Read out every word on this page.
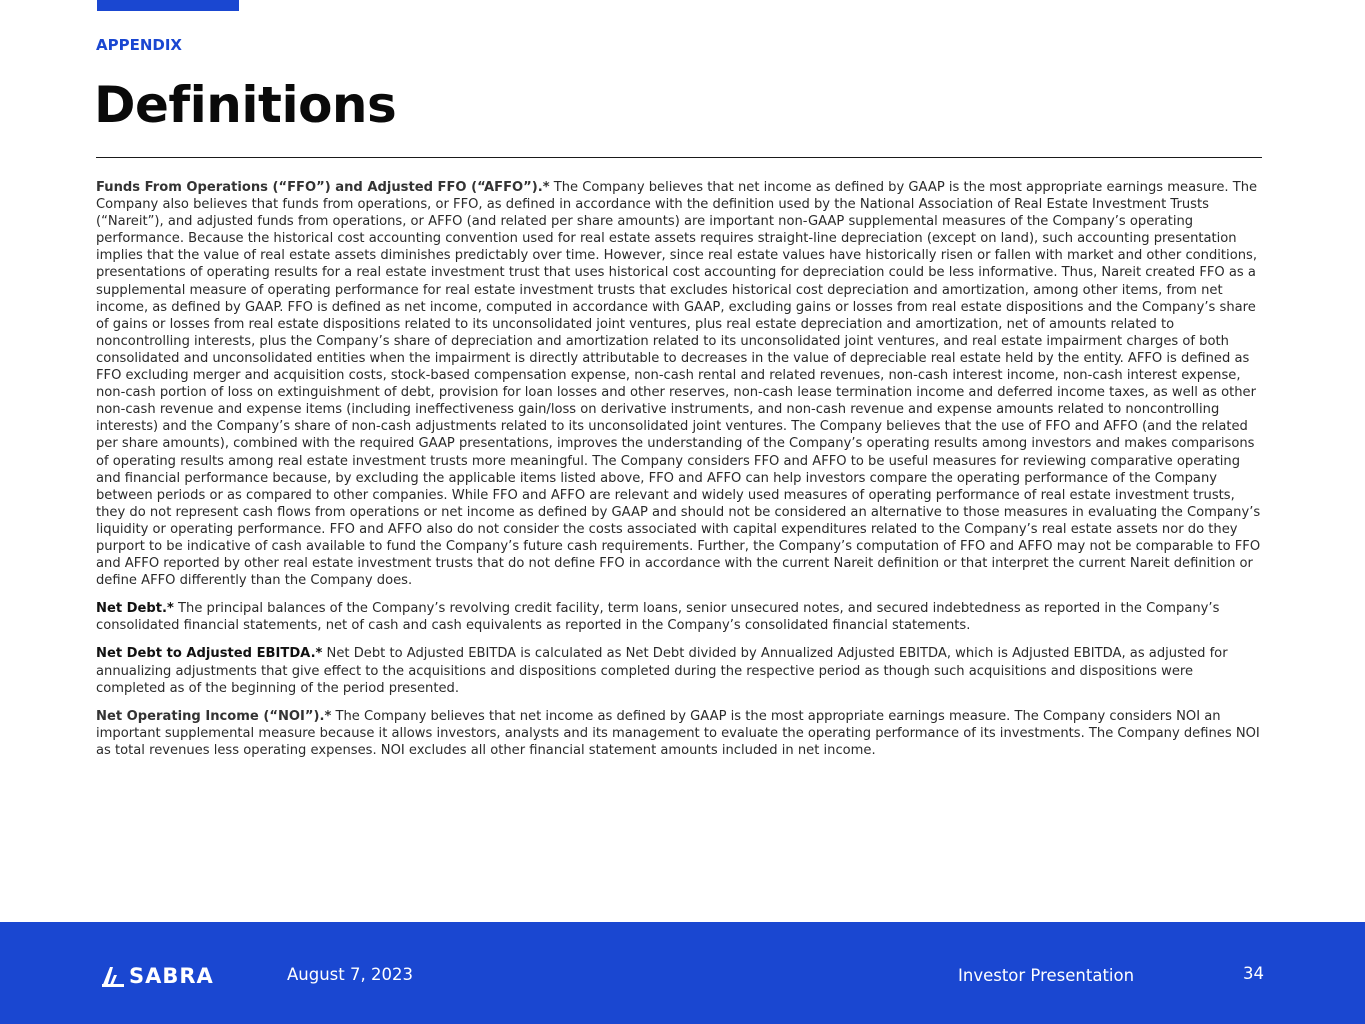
APPENDIX
Definitions

Funds From Operations (“FFO”) and Adjusted FFO (“AFFO”).* The Company believes that net income as defined by GAAP is the most appropriate earnings measure. The Company also believes that funds from operations, or FFO, as defined in accordance with the definition used by the National Association of Real Estate Investment Trusts (“Nareit”), and adjusted funds from operations, or AFFO (and related per share amounts) are important non-GAAP supplemental measures of the Company’s operating performance. Because the historical cost accounting convention used for real estate assets requires straight-line depreciation (except on land), such accounting presentation implies that the value of real estate assets diminishes predictably over time. However, since real estate values have historically risen or fallen with market and other conditions, presentations of operating results for a real estate investment trust that uses historical cost accounting for depreciation could be less informative. Thus, Nareit created FFO as a supplemental measure of operating performance for real estate investment trusts that excludes historical cost depreciation and amortization, among other items, from net income, as defined by GAAP. FFO is defined as net income, computed in accordance with GAAP, excluding gains or losses from real estate dispositions and the Company’s share of gains or losses from real estate dispositions related to its unconsolidated joint ventures, plus real estate depreciation and amortization, net of amounts related to noncontrolling interests, plus the Company’s share of depreciation and amortization related to its unconsolidated joint ventures, and real estate impairment charges of both consolidated and unconsolidated entities when the impairment is directly attributable to decreases in the value of depreciable real estate held by the entity. AFFO is defined as FFO excluding merger and acquisition costs, stock-based compensation expense, non-cash rental and related revenues, non-cash interest income, non-cash interest expense, non-cash portion of loss on extinguishment of debt, provision for loan losses and other reserves, non-cash lease termination income and deferred income taxes, as well as other non-cash revenue and expense items (including ineffectiveness gain/loss on derivative instruments, and non-cash revenue and expense amounts related to noncontrolling interests) and the Company’s share of non-cash adjustments related to its unconsolidated joint ventures. The Company believes that the use of FFO and AFFO (and the related per share amounts), combined with the required GAAP presentations, improves the understanding of the Company’s operating results among investors and makes comparisons of operating results among real estate investment trusts more meaningful. The Company considers FFO and AFFO to be useful measures for reviewing comparative operating and financial performance because, by excluding the applicable items listed above, FFO and AFFO can help investors compare the operating performance of the Company between periods or as compared to other companies. While FFO and AFFO are relevant and widely used measures of operating performance of real estate investment trusts, they do not represent cash flows from operations or net income as defined by GAAP and should not be considered an alternative to those measures in evaluating the Company’s liquidity or operating performance. FFO and AFFO also do not consider the costs associated with capital expenditures related to the Company’s real estate assets nor do they purport to be indicative of cash available to fund the Company’s future cash requirements. Further, the Company’s computation of FFO and AFFO may not be comparable to FFO and AFFO reported by other real estate investment trusts that do not define FFO in accordance with the current Nareit definition or that interpret the current Nareit definition or define AFFO differently than the Company does.

Net Debt.* The principal balances of the Company’s revolving credit facility, term loans, senior unsecured notes, and secured indebtedness as reported in the Company’s consolidated financial statements, net of cash and cash equivalents as reported in the Company’s consolidated financial statements.

Net Debt to Adjusted EBITDA.* Net Debt to Adjusted EBITDA is calculated as Net Debt divided by Annualized Adjusted EBITDA, which is Adjusted EBITDA, as adjusted for annualizing adjustments that give effect to the acquisitions and dispositions completed during the respective period as though such acquisitions and dispositions were completed as of the beginning of the period presented.

Net Operating Income (“NOI”).* The Company believes that net income as defined by GAAP is the most appropriate earnings measure. The Company considers NOI an important supplemental measure because it allows investors, analysts and its management to evaluate the operating performance of its investments. The Company defines NOI as total revenues less operating expenses. NOI excludes all other financial statement amounts included in net income.

SABRA	August 7, 2023	Investor Presentation	34
